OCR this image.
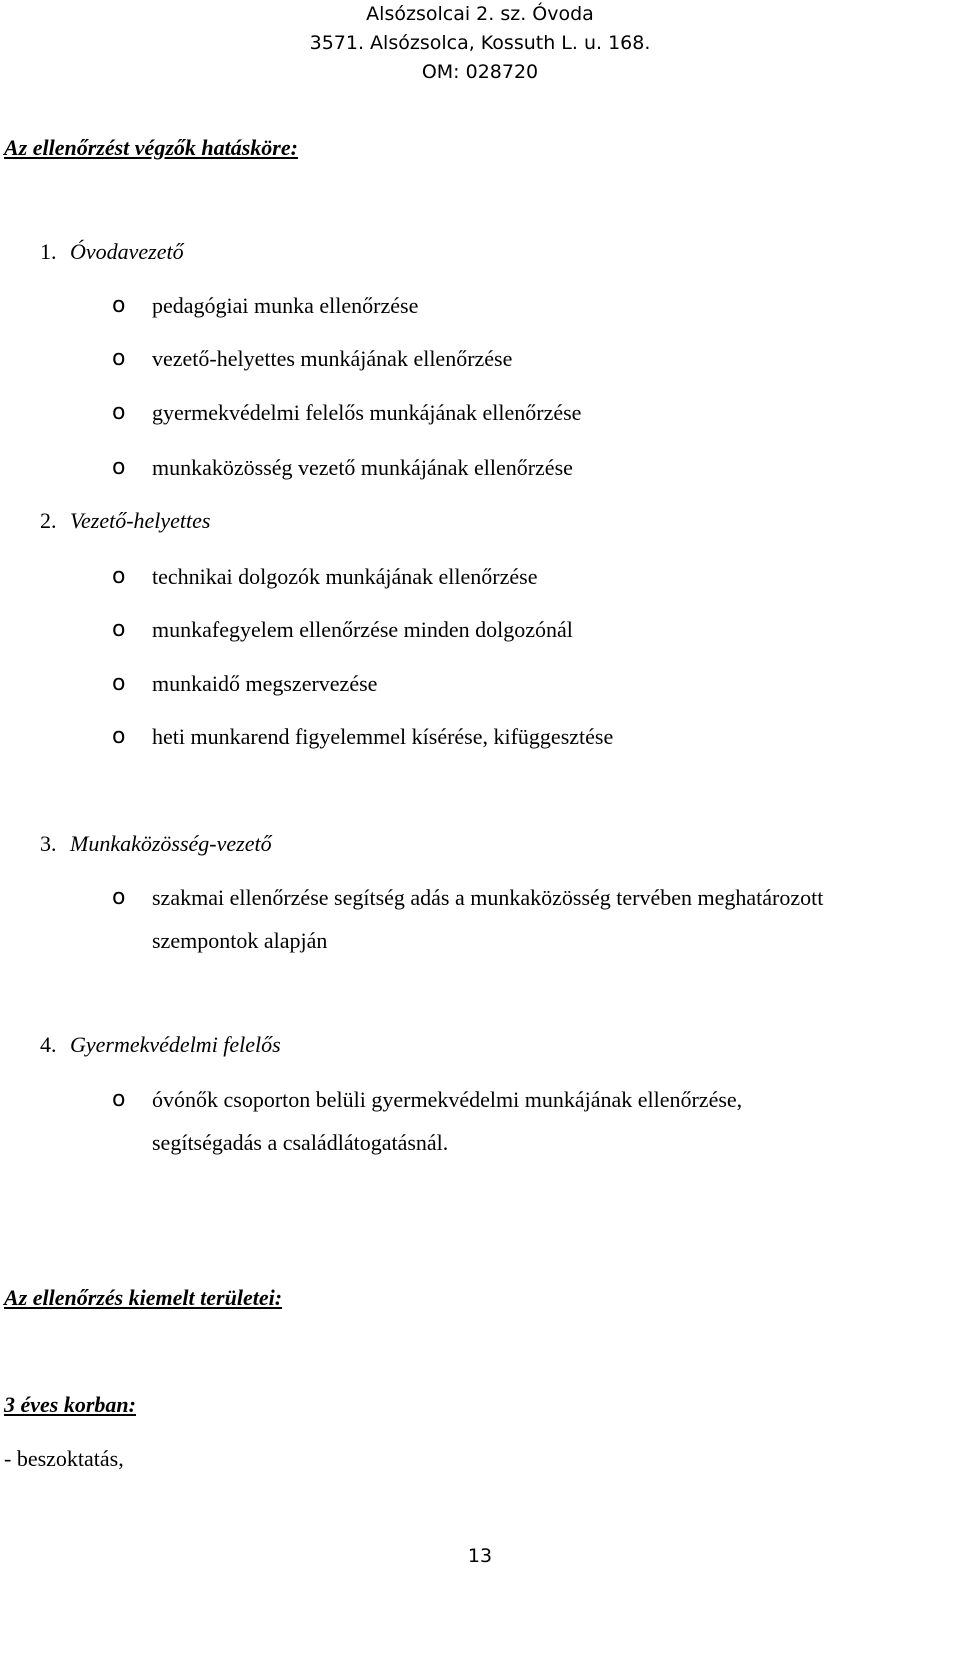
Alsózsolcai 2. sz. Óvoda
3571. Alsózsolca, Kossuth L. u. 168.
OM: 028720
Az ellenőrzést végzők hatásköre:
1. Óvodavezető
o pedagógiai munka ellenőrzése
o vezető-helyettes munkájának ellenőrzése
o gyermekvédelmi felelős munkájának ellenőrzése
o munkaközösség vezető munkájának ellenőrzése
2. Vezető-helyettes
o technikai dolgozók munkájának ellenőrzése
o munkafegyelem ellenőrzése minden dolgozónál
o munkaidő megszervezése
o heti munkarend figyelemmel kísérése, kifüggesztése
3. Munkaközösség-vezető
o szakmai ellenőrzése segítség adás a munkaközösség tervében meghatározott
szempontok alapján
4. Gyermekvédelmi felelős
o óvónők csoporton belüli gyermekvédelmi munkájának ellenőrzése,
segítségadás a családlátogatásnál.
Az ellenőrzés kiemelt területei:
3 éves korban:
- beszoktatás,
13
